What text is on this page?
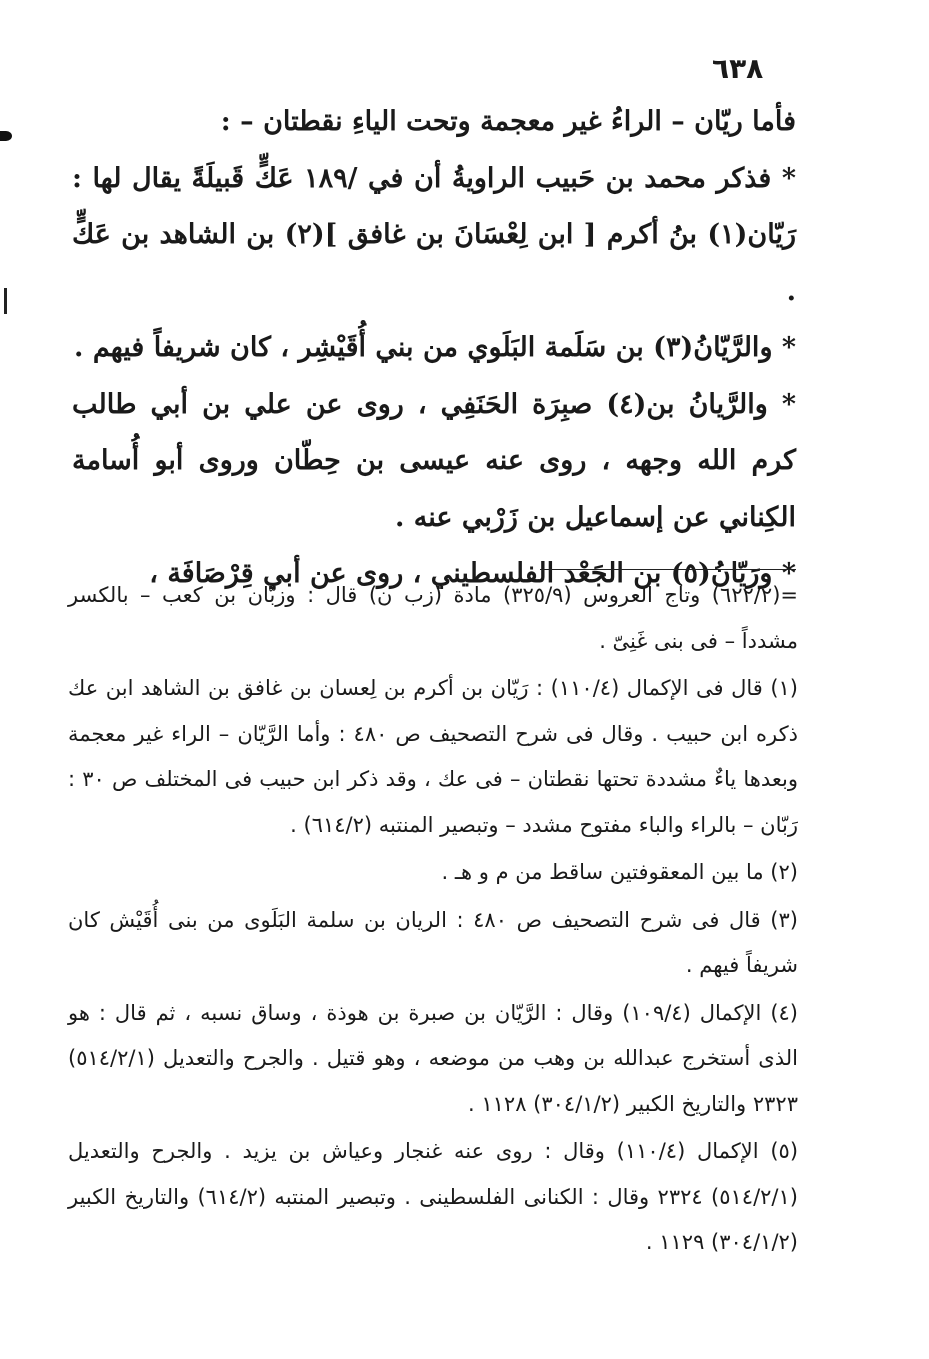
٦٣٨

فأما ريّان – الراءُ غير معجمة وتحت الياءِ نقطتان – :

* فذكر محمد بن حَبيب الراويةُ أن في /١٨٩ عَكٍّ قَبيلَةً يقال لها : رَيّان(١) بنُ أكرم [ ابن لِعْسَانَ بن غافق ](٢) بن الشاهد بن عَكٍّ .

* والرَّيّانُ(٣) بن سَلَمة البَلَوي من بني أُقَيْشِر ، كان شريفاً فيهم .

* والرَّيانُ بن(٤) صبِرَة الحَنَفِي ، روى عن علي بن أبي طالب كرم الله وجهه ، روى عنه عيسى بن حِطّان وروى أبو أُسامة الكِناني عن إسماعيل بن زَرْبي عنه .

* ورَيّانُ(٥) بن الجَعْد الفلسطيني ، روى عن أبي قِرْصَافَة ،

=(٦٢٢/٢) وتاج العروس (٣٢٥/٩) مادة (زب ن) قال : وزبّان بن كعب – بالكسر مشدداً – فى بنى غَنِىّ .

(١) قال فى الإكمال (١١٠/٤) : رَيّان بن أكرم بن لِعسان بن غافق بن الشاهد ابن عك ذكره ابن حبيب . وقال فى شرح التصحيف ص ٤٨٠ : وأما الرَّيّان – الراء غير معجمة وبعدها ياءٌ مشددة تحتها نقطتان – فى عك ، وقد ذكر ابن حبيب فى المختلف ص ٣٠ : رَبّان – بالراء والباء مفتوح مشدد – وتبصير المنتبه (٦١٤/٢) .

(٢) ما بين المعقوفتين ساقط من م و هـ .

(٣) قال فى شرح التصحيف ص ٤٨٠ : الريان بن سلمة البَلَوى من بنى أُقَيْش كان شريفاً فيهم .

(٤) الإكمال (١٠٩/٤) وقال : الرَّيّان بن صبرة بن هوذة ، وساق نسبه ، ثم قال : هو الذى أستخرج عبدالله بن وهب من موضعه ، وهو قتيل . والجرح والتعديل (٥١٤/٢/١) ٢٣٢٣ والتاريخ الكبير (٣٠٤/١/٢) ١١٢٨ .

(٥) الإكمال (١١٠/٤) وقال : روى عنه غنجار وعياش بن يزيد . والجرح والتعديل (٥١٤/٢/١) ٢٣٢٤ وقال : الكنانى الفلسطينى . وتبصير المنتبه (٦١٤/٢) والتاريخ الكبير (٣٠٤/١/٢) ١١٢٩ .
